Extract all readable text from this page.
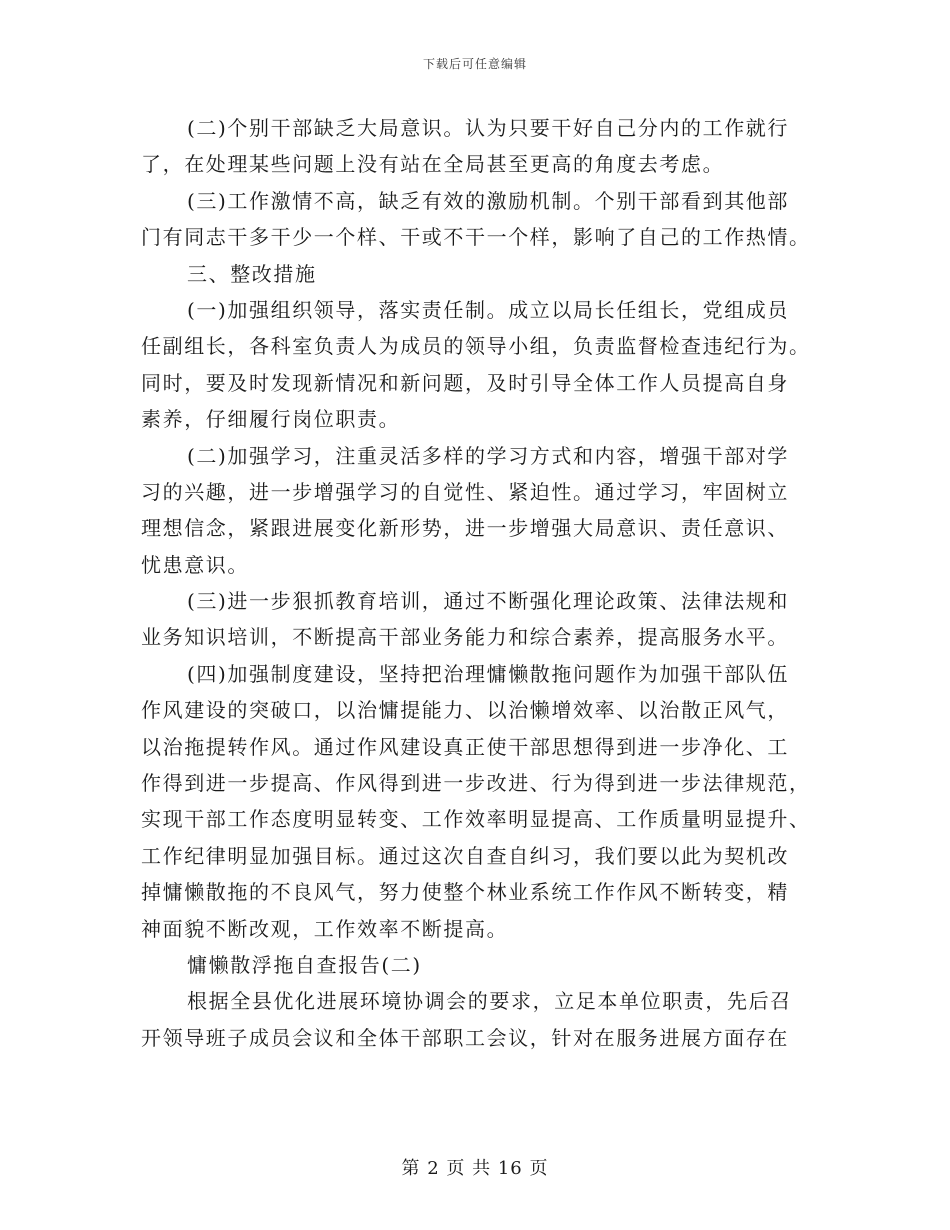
下载后可任意编辑
(二)个别干部缺乏大局意识。认为只要干好自己分内的工作就行
了，在处理某些问题上没有站在全局甚至更高的角度去考虑。
(三)工作激情不高，缺乏有效的激励机制。个别干部看到其他部
门有同志干多干少一个样、干或不干一个样，影响了自己的工作热情。
三、整改措施
(一)加强组织领导，落实责任制。成立以局长任组长，党组成员
任副组长，各科室负责人为成员的领导小组，负责监督检查违纪行为。
同时，要及时发现新情况和新问题，及时引导全体工作人员提高自身
素养，仔细履行岗位职责。
(二)加强学习，注重灵活多样的学习方式和内容，增强干部对学
习的兴趣，进一步增强学习的自觉性、紧迫性。通过学习，牢固树立
理想信念，紧跟进展变化新形势，进一步增强大局意识、责任意识、
忧患意识。
(三)进一步狠抓教育培训，通过不断强化理论政策、法律法规和
业务知识培训，不断提高干部业务能力和综合素养，提高服务水平。
(四)加强制度建设，坚持把治理慵懒散拖问题作为加强干部队伍
作风建设的突破口，以治慵提能力、以治懒增效率、以治散正风气，
以治拖提转作风。通过作风建设真正使干部思想得到进一步净化、工
作得到进一步提高、作风得到进一步改进、行为得到进一步法律规范，
实现干部工作态度明显转变、工作效率明显提高、工作质量明显提升、
工作纪律明显加强目标。通过这次自查自纠习，我们要以此为契机改
掉慵懒散拖的不良风气，努力使整个林业系统工作作风不断转变，精
神面貌不断改观，工作效率不断提高。
慵懒散浮拖自查报告(二)
根据全县优化进展环境协调会的要求，立足本单位职责，先后召
开领导班子成员会议和全体干部职工会议，针对在服务进展方面存在
第 2 页 共 16 页
